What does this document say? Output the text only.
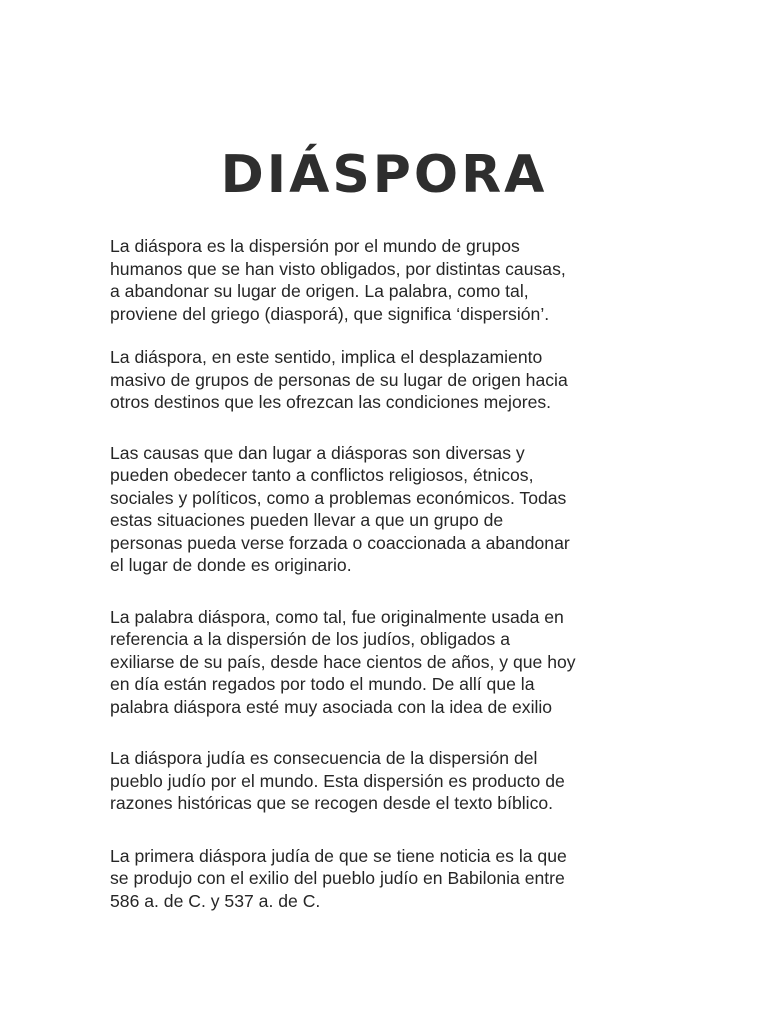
DIÁSPORA

La diáspora es la dispersión por el mundo de grupos
humanos que se han visto obligados, por distintas causas,
a abandonar su lugar de origen. La palabra, como tal,
proviene del griego (diasporá), que significa ‘dispersión’.

La diáspora, en este sentido, implica el desplazamiento
masivo de grupos de personas de su lugar de origen hacia
otros destinos que les ofrezcan las condiciones mejores.

Las causas que dan lugar a diásporas son diversas y
pueden obedecer tanto a conflictos religiosos, étnicos,
sociales y políticos, como a problemas económicos. Todas
estas situaciones pueden llevar a que un grupo de
personas pueda verse forzada o coaccionada a abandonar
el lugar de donde es originario.

La palabra diáspora, como tal, fue originalmente usada en
referencia a la dispersión de los judíos, obligados a
exiliarse de su país, desde hace cientos de años, y que hoy
en día están regados por todo el mundo. De allí que la
palabra diáspora esté muy asociada con la idea de exilio

La diáspora judía es consecuencia de la dispersión del
pueblo judío por el mundo. Esta dispersión es producto de
razones históricas que se recogen desde el texto bíblico.

La primera diáspora judía de que se tiene noticia es la que
se produjo con el exilio del pueblo judío en Babilonia entre
586 a. de C. y 537 a. de C.
